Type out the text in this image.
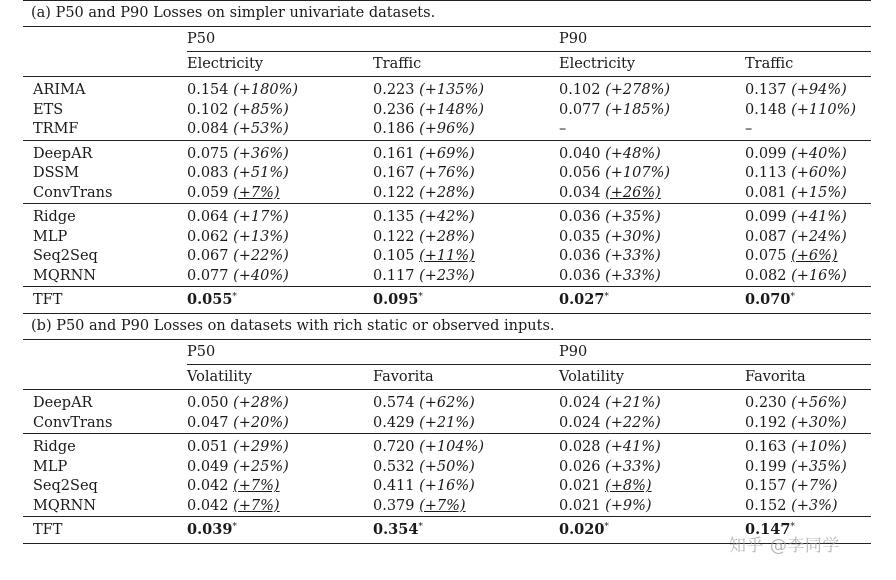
(a) P50 and P90 Losses on simpler univariate datasets.				
	P50		P90	
	Electricity	Traffic	Electricity	Traffic
ARIMA	0.154 (+180%)	0.223 (+135%)	0.102 (+278%)	0.137 (+94%)
ETS	0.102 (+85%)	0.236 (+148%)	0.077 (+185%)	0.148 (+110%)
TRMF	0.084 (+53%)	0.186 (+96%)	–	–
DeepAR	0.075 (+36%)	0.161 (+69%)	0.040 (+48%)	0.099 (+40%)
DSSM	0.083 (+51%)	0.167 (+76%)	0.056 (+107%)	0.113 (+60%)
ConvTrans	0.059 (+7%)	0.122 (+28%)	0.034 (+26%)	0.081 (+15%)
Ridge	0.064 (+17%)	0.135 (+42%)	0.036 (+35%)	0.099 (+41%)
MLP	0.062 (+13%)	0.122 (+28%)	0.035 (+30%)	0.087 (+24%)
Seq2Seq	0.067 (+22%)	0.105 (+11%)	0.036 (+33%)	0.075 (+6%)
MQRNN	0.077 (+40%)	0.117 (+23%)	0.036 (+33%)	0.082 (+16%)
TFT	0.055*	0.095*	0.027*	0.070*
(b) P50 and P90 Losses on datasets with rich static or observed inputs.				
	P50		P90	
	Volatility	Favorita	Volatility	Favorita
DeepAR	0.050 (+28%)	0.574 (+62%)	0.024 (+21%)	0.230 (+56%)
ConvTrans	0.047 (+20%)	0.429 (+21%)	0.024 (+22%)	0.192 (+30%)
Ridge	0.051 (+29%)	0.720 (+104%)	0.028 (+41%)	0.163 (+10%)
MLP	0.049 (+25%)	0.532 (+50%)	0.026 (+33%)	0.199 (+35%)
Seq2Seq	0.042 (+7%)	0.411 (+16%)	0.021 (+8%)	0.157 (+7%)
MQRNN	0.042 (+7%)	0.379 (+7%)	0.021 (+9%)	0.152 (+3%)
TFT	0.039*	0.354*	0.020*	0.147*
知乎 @李同学
